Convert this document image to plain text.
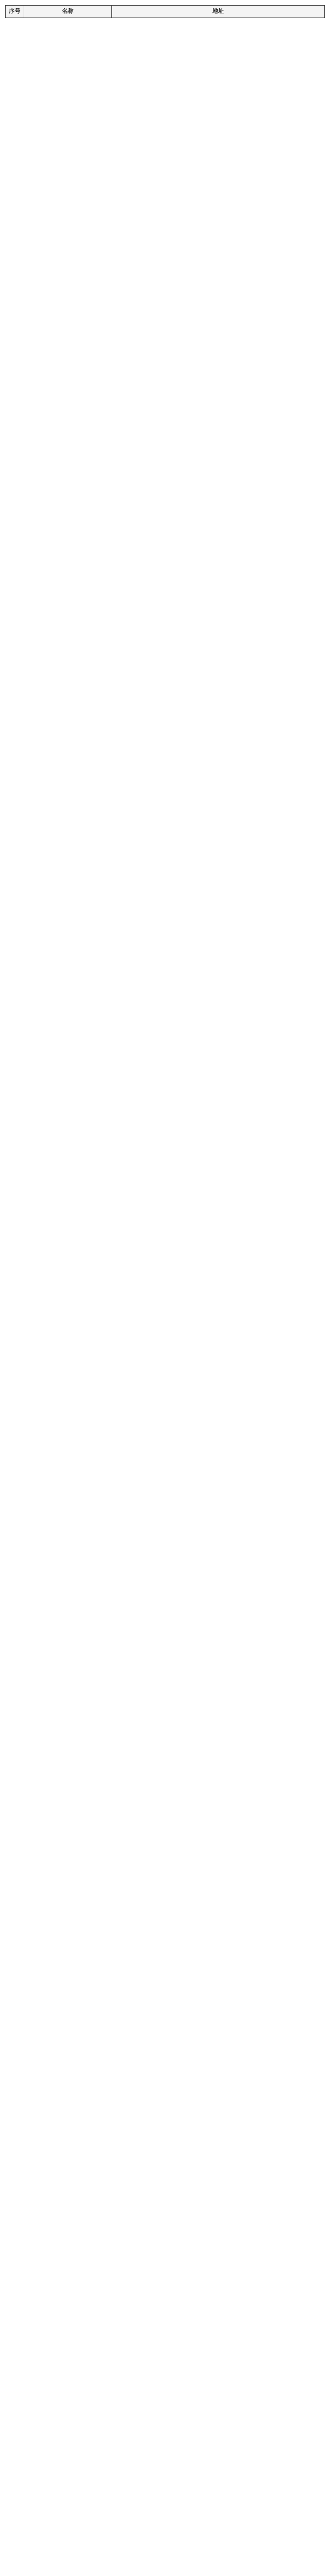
序号	名称	地址
